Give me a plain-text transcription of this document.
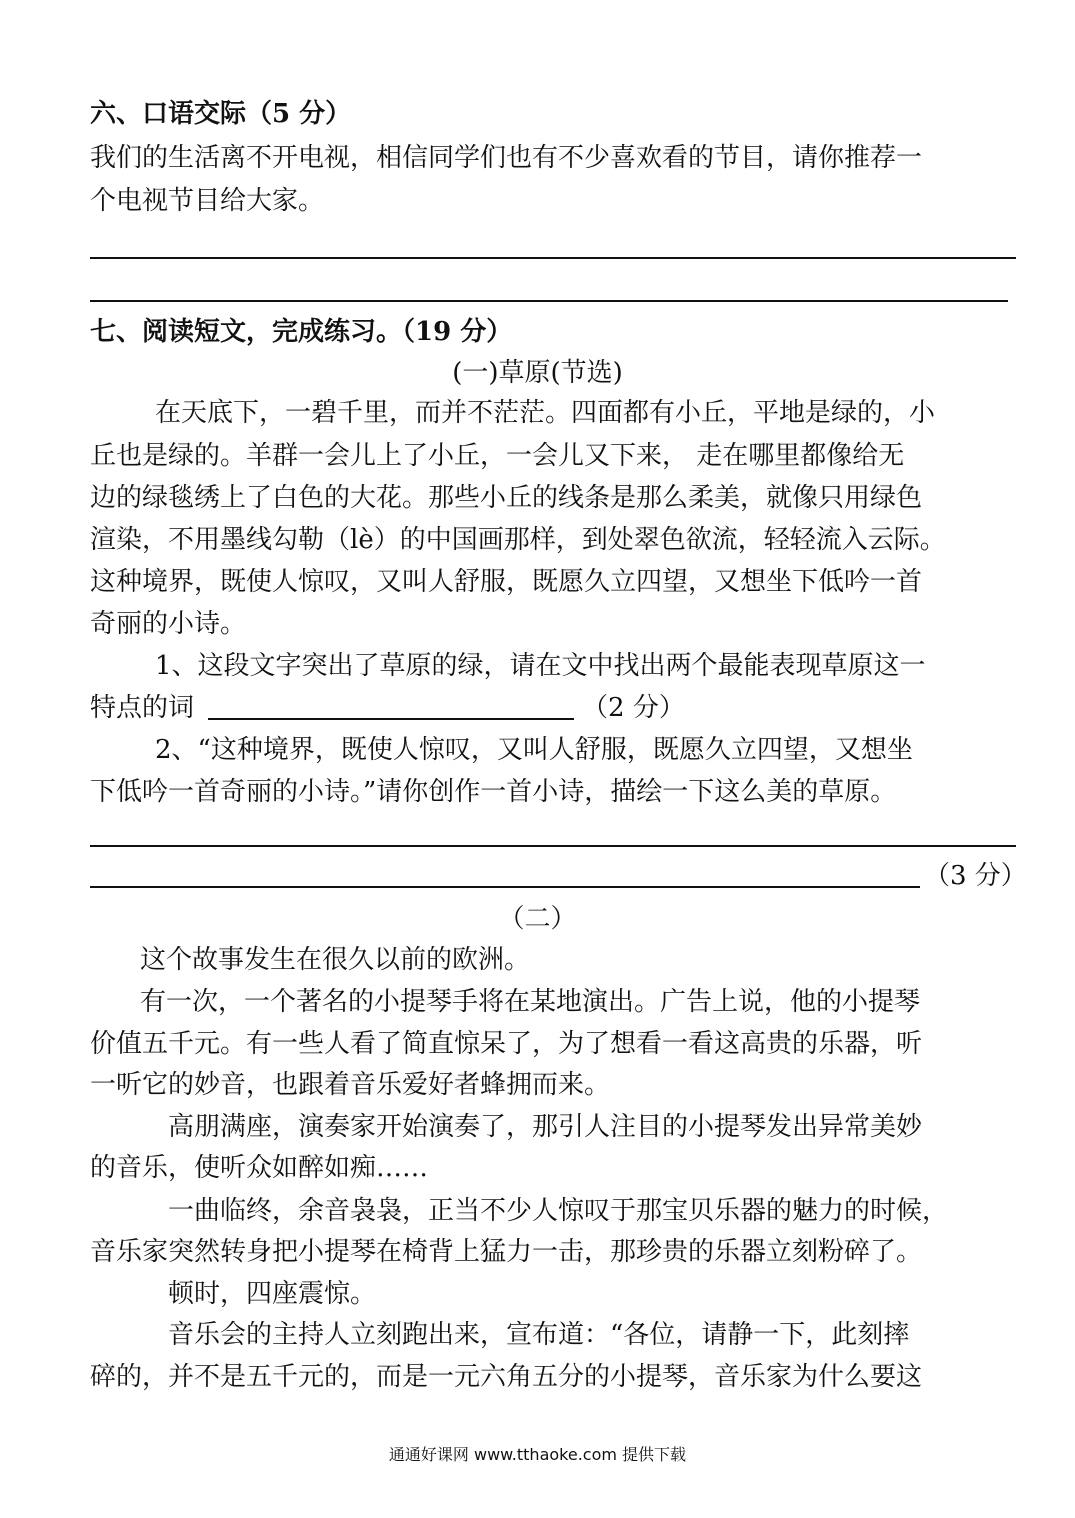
六、口语交际（5 分）
我们的生活离不开电视，相信同学们也有不少喜欢看的节目，请你推荐一
个电视节目给大家。
七、阅读短文，完成练习。（19 分）
(一)草原(节选)
在天底下，一碧千里，而并不茫茫。四面都有小丘，平地是绿的，小
丘也是绿的。羊群一会儿上了小丘，一会儿又下来， 走在哪里都像给无
边的绿毯绣上了白色的大花。那些小丘的线条是那么柔美，就像只用绿色
渲染，不用墨线勾勒（lè）的中国画那样，到处翠色欲流，轻轻流入云际。
这种境界，既使人惊叹，又叫人舒服，既愿久立四望，又想坐下低吟一首
奇丽的小诗。
1、这段文字突出了草原的绿，请在文中找出两个最能表现草原这一
特点的词	（2 分）
2、“这种境界，既使人惊叹，又叫人舒服，既愿久立四望，又想坐
下低吟一首奇丽的小诗。”请你创作一首小诗，描绘一下这么美的草原。
（3 分）
（二）
这个故事发生在很久以前的欧洲。
有一次，一个著名的小提琴手将在某地演出。广告上说，他的小提琴
价值五千元。有一些人看了简直惊呆了，为了想看一看这高贵的乐器，听
一听它的妙音，也跟着音乐爱好者蜂拥而来。
高朋满座，演奏家开始演奏了，那引人注目的小提琴发出异常美妙
的音乐，使听众如醉如痴……
一曲临终，余音袅袅，正当不少人惊叹于那宝贝乐器的魅力的时候，
音乐家突然转身把小提琴在椅背上猛力一击，那珍贵的乐器立刻粉碎了。
顿时，四座震惊。
音乐会的主持人立刻跑出来，宣布道：“各位，请静一下，此刻摔
碎的，并不是五千元的，而是一元六角五分的小提琴，音乐家为什么要这
通通好课网 www.tthaoke.com 提供下载
